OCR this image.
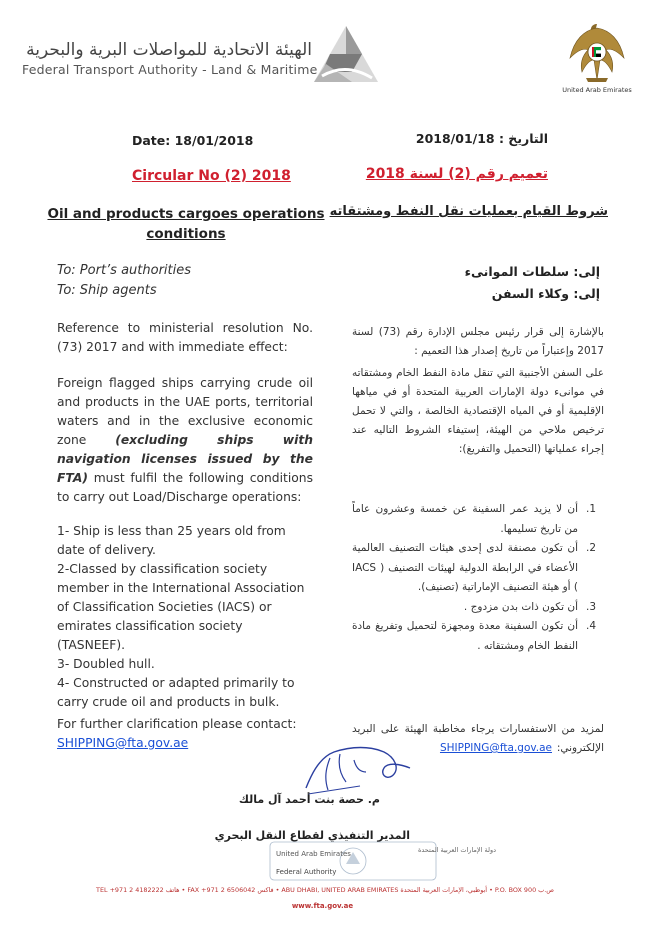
الهيئة الاتحادية للمواصلات البرية والبحرية
Federal Transport Authority - Land & Maritime
United Arab Emirates
Date: 18/01/2018	التاريخ : 2018/01/18
Circular No (2) 2018	تعميم رقم (2) لسنة 2018
Oil and products cargoes operations conditions
شروط القيام بعمليات نقل النفط ومشتقاته
To: Port’s authorities
To: Ship agents
إلى: سلطات الموانىء
إلى: وكلاء السفن
Reference to ministerial resolution No. (73) 2017 and with immediate effect:
Foreign flagged ships carrying crude oil and products in the UAE ports, territorial waters and in the exclusive economic zone (excluding ships with navigation licenses issued by the FTA) must fulfil the following conditions to carry out Load/Discharge operations:
1- Ship is less than 25 years old from date of delivery.
2-Classed by classification society member in the International Association of Classification Societies (IACS) or emirates classification society (TASNEEF).
3- Doubled hull.
4- Constructed or adapted primarily to carry crude oil and products in bulk.
For further clarification please contact:
SHIPPING@fta.gov.ae
بالإشارة إلى قرار رئيس مجلس الإدارة رقم (73) لسنة 2017 وإعتباراً من تاريخ إصدار هذا التعميم :
على السفن الأجنبية التي تنقل مادة النفط الخام ومشتقاته في موانىء دولة الإمارات العربية المتحدة أو في مياهها الإقليمية أو في المياه الإقتصادية الخالصة ، والتي لا تحمل ترخيص ملاحي من الهيئة، إستيفاء الشروط التاليه عند إجراء عملياتها (التحميل والتفريغ):
1.
أن لا يزيد عمر السفينة عن خمسة وعشرون عاماً من تاريخ تسليمها.
2.
أن تكون مصنفة لدى إحدى هيئات التصنيف العالمية الأعضاء في الرابطة الدولية لهيئات التصنيف ( IACS ) أو هيئة التصنيف الإماراتية (تصنيف).
3.
أن تكون ذات بدن مزدوج .
4.
أن تكون السفينة معدة ومجهزة لتحميل وتفريغ مادة النفط الخام ومشتقاته .
لمزيد من الاستفسارات يرجاء مخاطبة الهيئة على البريد الإلكتروني:
SHIPPING@fta.gov.ae
م. حصة بنت أحمد آل مالك
المدير التنفيذي لقطاع النقل البحري
United Arab Emirates	دولة الإمارات العربية المتحدة
Federal Authority
TEL +971 2 4182222 هاتف • FAX +971 2 6506042 فاكس • ABU DHABI, UNITED ARAB EMIRATES أبوظبي، الإمارات العربية المتحدة • P.O. BOX 900 ص.ب
www.fta.gov.ae
